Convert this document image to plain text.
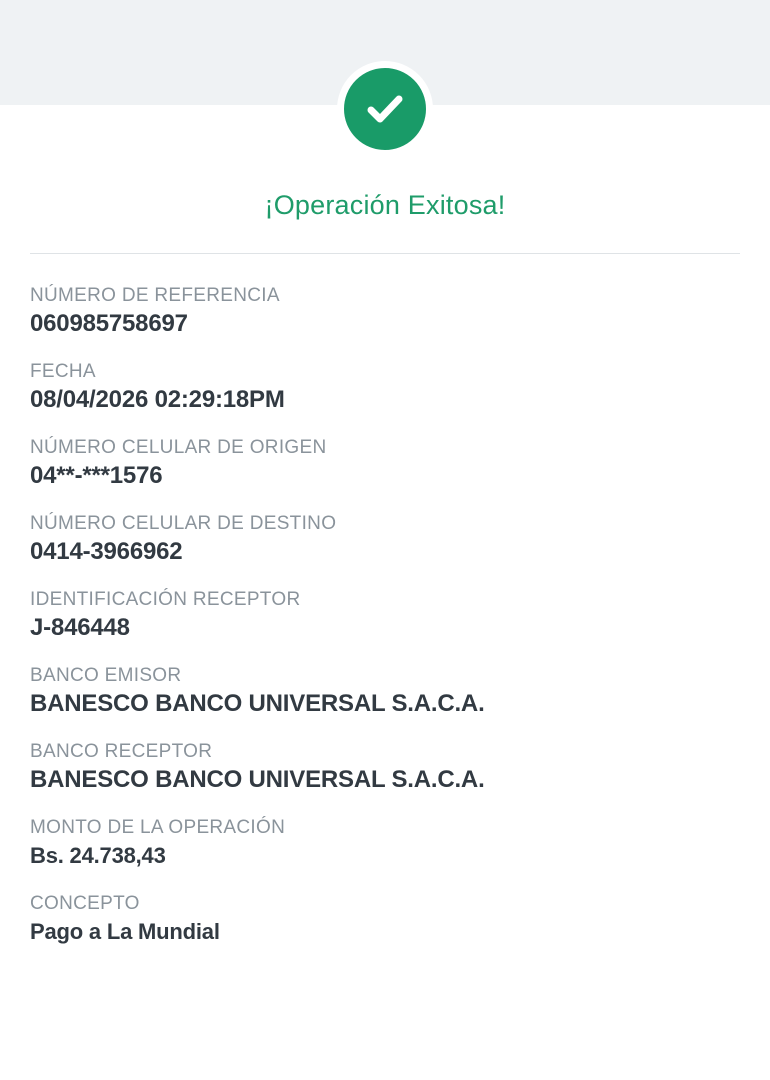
¡Operación Exitosa!
NÚMERO DE REFERENCIA
060985758697
FECHA
08/04/2026 02:29:18PM
NÚMERO CELULAR DE ORIGEN
04**-***1576
NÚMERO CELULAR DE DESTINO
0414-3966962
IDENTIFICACIÓN RECEPTOR
J-846448
BANCO EMISOR
BANESCO BANCO UNIVERSAL S.A.C.A.
BANCO RECEPTOR
BANESCO BANCO UNIVERSAL S.A.C.A.
MONTO DE LA OPERACIÓN
Bs. 24.738,43
CONCEPTO
Pago a La Mundial
